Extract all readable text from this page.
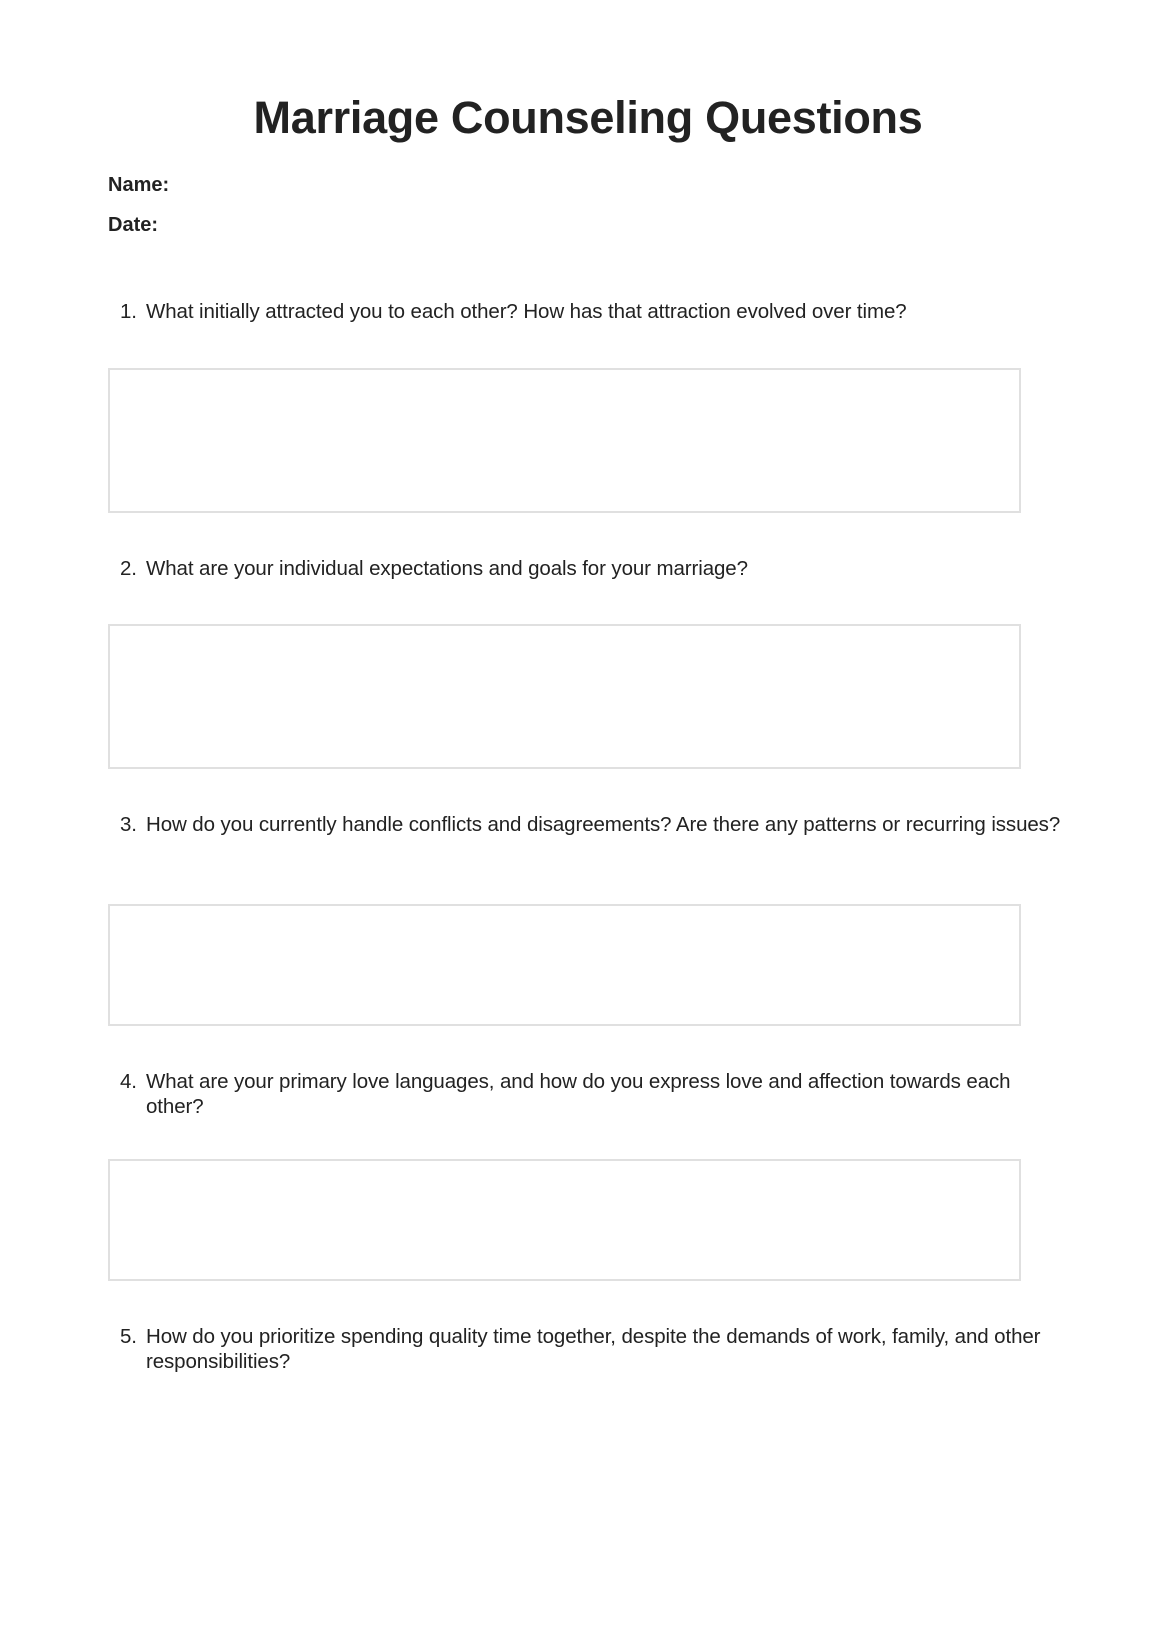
Marriage Counseling Questions
Name:
Date:
1. What initially attracted you to each other? How has that attraction evolved over time?
2. What are your individual expectations and goals for your marriage?
3. How do you currently handle conflicts and disagreements? Are there any patterns or recurring issues?
4. What are your primary love languages, and how do you express love and affection towards each other?
5. How do you prioritize spending quality time together, despite the demands of work, family, and other responsibilities?
